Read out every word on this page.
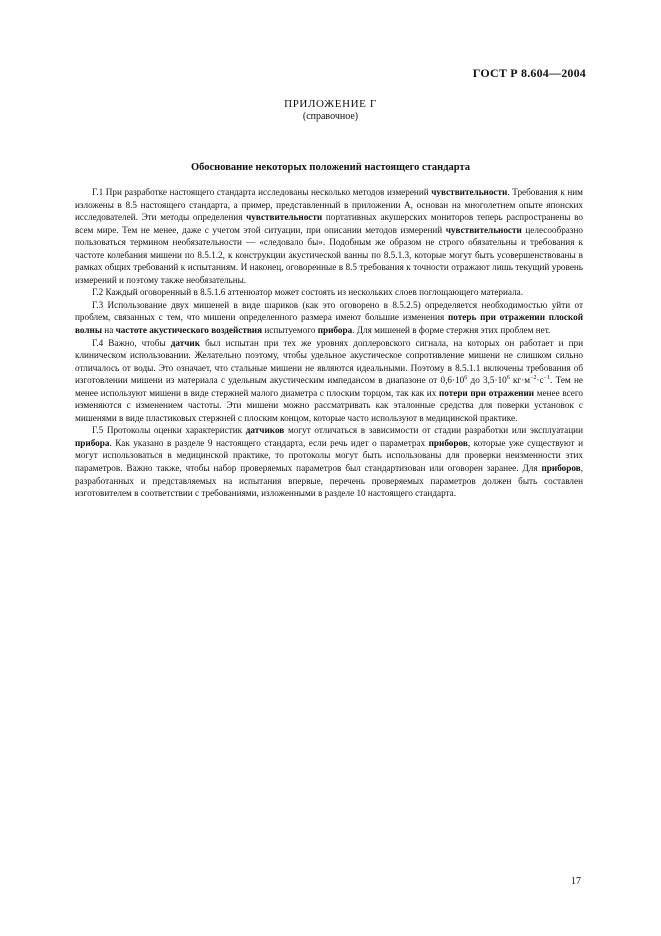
ГОСТ Р 8.604—2004
ПРИЛОЖЕНИЕ Г
(справочное)
Обоснование некоторых положений настоящего стандарта

Г.1 При разработке настоящего стандарта исследованы несколько методов измерений чувствительности. Требования к ним изложены в 8.5 настоящего стандарта, а пример, представленный в приложении А, основан на многолетнем опыте японских исследователей. Эти методы определения чувствительности портативных акушерских мониторов теперь распространены во всем мире. Тем не менее, даже с учетом этой ситуации, при описании методов измерений чувствительности целесообразно пользоваться термином необязательности — «следовало бы». Подобным же образом не строго обязательны и требования к частоте колебания мишени по 8.5.1.2, к конструкции акустической ванны по 8.5.1.3, которые могут быть усовершенствованы в рамках общих требований к испытаниям. И наконец, оговоренные в 8.5 требования к точности отражают лишь текущий уровень измерений и поэтому также необязательны.

Г.2 Каждый оговоренный в 8.5.1.6 аттенюатор может состоять из нескольких слоев поглощающего материала.

Г.3 Использование двух мишеней в виде шариков (как это оговорено в 8.5.2.5) определяется необходимостью уйти от проблем, связанных с тем, что мишени определенного размера имеют большие изменения потерь при отражении плоской волны на частоте акустического воздействия испытуемого прибора. Для мишеней в форме стержня этих проблем нет.

Г.4 Важно, чтобы датчик был испытан при тех же уровнях доплеровского сигнала, на которых он работает и при клиническом использовании. Желательно поэтому, чтобы удельное акустическое сопротивление мишени не слишком сильно отличалось от воды. Это означает, что стальные мишени не являются идеальными. Поэтому в 8.5.1.1 включены требования об изготовлении мишени из материала с удельным акустическим импедансом в диапазоне от $0,6\cdot 10^6$ до $3,5\cdot 10^6$ $кг\cdot м^{-2}\cdot с^{-1}$. Тем не менее используют мишени в виде стержней малого диаметра с плоским торцом, так как их потери при отражении менее всего изменяются с изменением частоты. Эти мишени можно рассматривать как эталонные средства для поверки установок с мишенями в виде пластиковых стержней с плоским концом, которые часто используют в медицинской практике.

Г.5 Протоколы оценки характеристик датчиков могут отличаться в зависимости от стадии разработки или эксплуатации прибора. Как указано в разделе 9 настоящего стандарта, если речь идет о параметрах приборов, которые уже существуют и могут использоваться в медицинской практике, то протоколы могут быть использованы для проверки неизменности этих параметров. Важно также, чтобы набор проверяемых параметров был стандартизован или оговорен заранее. Для приборов, разработанных и представляемых на испытания впервые, перечень проверяемых параметров должен быть составлен изготовителем в соответствии с требованиями, изложенными в разделе 10 настоящего стандарта.

17
